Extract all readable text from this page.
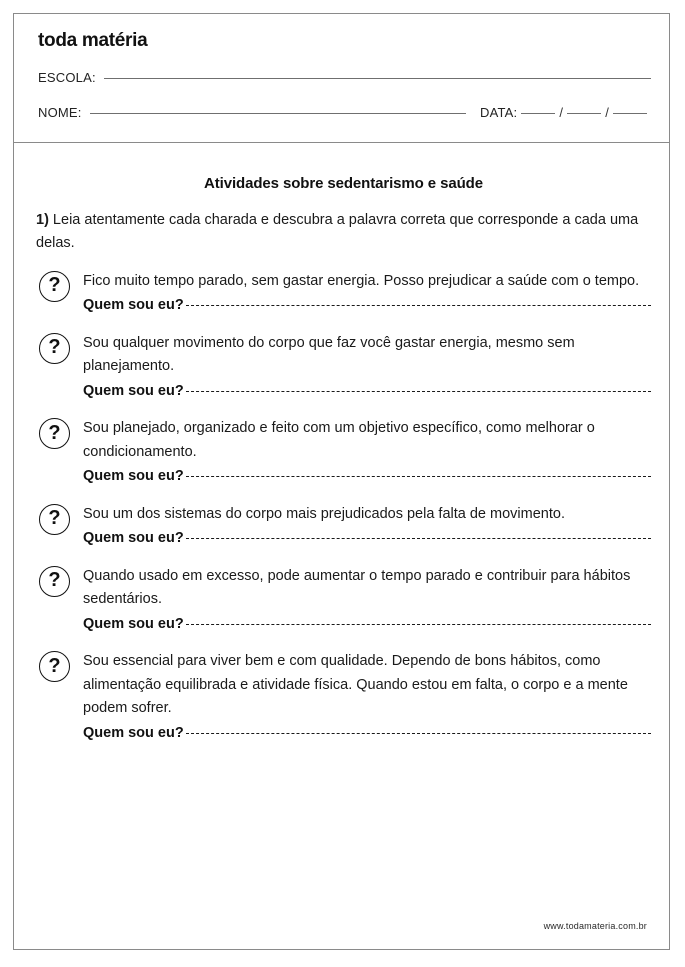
toda matéria
ESCOLA:
NOME:	DATA:	/	/
Atividades sobre sedentarismo e saúde
1) Leia atentamente cada charada e descubra a palavra correta que corresponde a cada uma delas.
? Fico muito tempo parado, sem gastar energia. Posso prejudicar a saúde com o tempo.
Quem sou eu?
? Sou qualquer movimento do corpo que faz você gastar energia, mesmo sem planejamento.
Quem sou eu?
? Sou planejado, organizado e feito com um objetivo específico, como melhorar o condicionamento.
Quem sou eu?
? Sou um dos sistemas do corpo mais prejudicados pela falta de movimento.
Quem sou eu?
? Quando usado em excesso, pode aumentar o tempo parado e contribuir para hábitos sedentários.
Quem sou eu?
? Sou essencial para viver bem e com qualidade. Dependo de bons hábitos, como alimentação equilibrada e atividade física. Quando estou em falta, o corpo e a mente podem sofrer.
Quem sou eu?
www.todamateria.com.br
